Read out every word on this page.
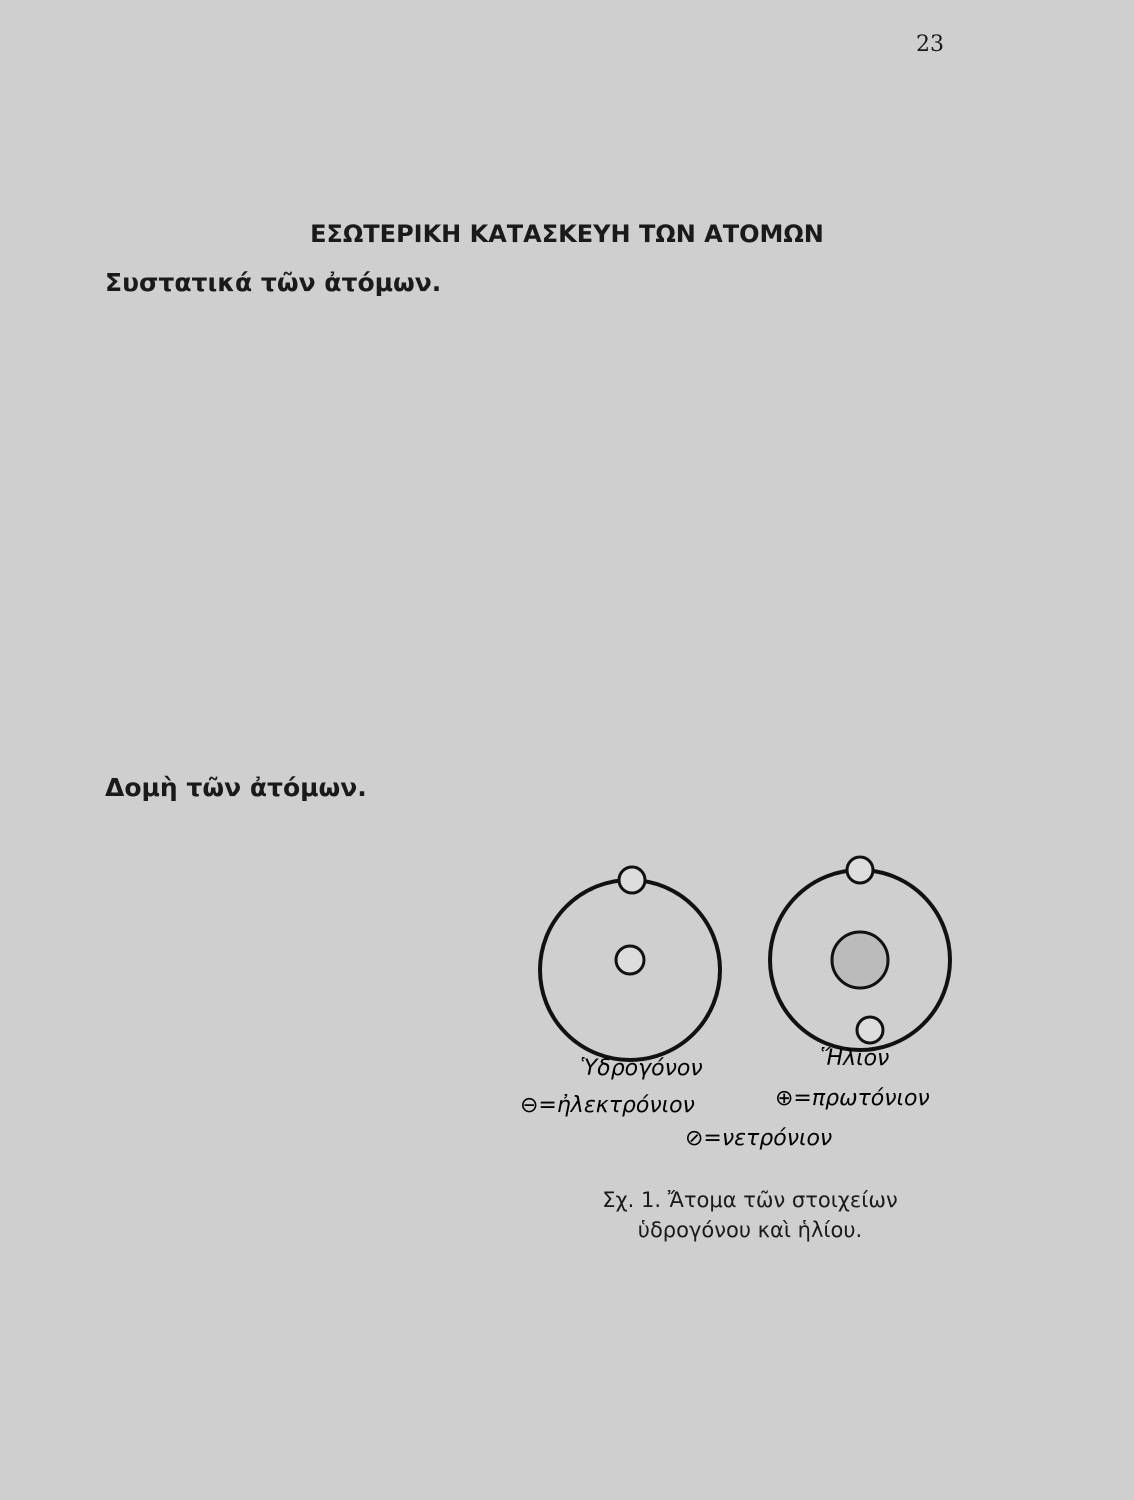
23
ΕΣΩΤΕΡΙΚΗ ΚΑΤΑΣΚΕΥΗ ΤΩΝ ΑΤΟΜΩΝ
Συστατικά τῶν ἀτόμων.
Δομὴ τῶν ἀτόμων.
Ὑδρογόνον	Ἥλιον
⊖=ἠλεκτρόνιον	⊕=πρωτόνιον
⊘=νετρόνιον
Σχ. 1. Ἄτομα τῶν στοιχείων
ὑδρογόνου καὶ ἡλίου.
